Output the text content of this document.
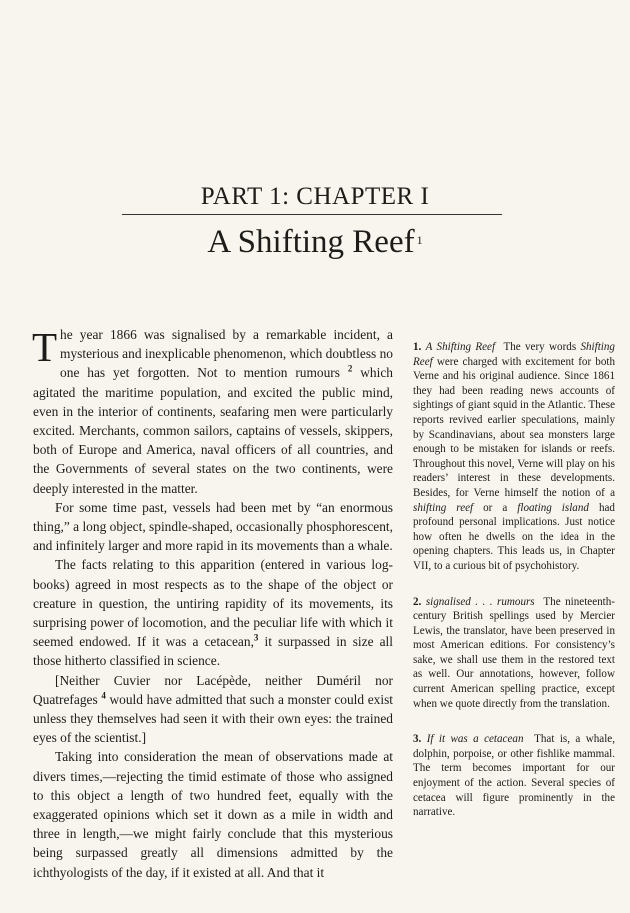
PART 1: CHAPTER I
A Shifting Reef $^1$

The year 1866 was signalised by a remarkable incident, a mysterious and inexplicable phenomenon, which doubtless no one has yet forgotten. Not to mention rumours $^2$ which agitated the maritime population, and excited the public mind, even in the interior of continents, seafaring men were particularly excited. Merchants, common sailors, captains of vessels, skippers, both of Europe and America, naval officers of all countries, and the Governments of several states on the two continents, were deeply interested in the matter.

For some time past, vessels had been met by “an enormous thing,” a long object, spindle-shaped, occasionally phosphorescent, and infinitely larger and more rapid in its movements than a whale.

The facts relating to this apparition (entered in various log-books) agreed in most respects as to the shape of the object or creature in question, the untiring rapidity of its movements, its surprising power of locomotion, and the peculiar life with which it seemed endowed. If it was a cetacean,$^3$ it surpassed in size all those hitherto classified in science.

[Neither Cuvier nor Lacépède, neither Duméril nor Quatrefages $^4$ would have admitted that such a monster could exist unless they themselves had seen it with their own eyes: the trained eyes of the scientist.]

Taking into consideration the mean of observations made at divers times,—rejecting the timid estimate of those who assigned to this object a length of two hundred feet, equally with the exaggerated opinions which set it down as a mile in width and three in length,—we might fairly conclude that this mysterious being surpassed greatly all dimensions admitted by the ichthyologists of the day, if it existed at all. And that it

1. A Shifting Reef The very words Shifting Reef were charged with excitement for both Verne and his original audience. Since 1861 they had been reading news accounts of sightings of giant squid in the Atlantic. These reports revived earlier speculations, mainly by Scandinavians, about sea monsters large enough to be mistaken for islands or reefs. Throughout this novel, Verne will play on his readers’ interest in these developments. Besides, for Verne himself the notion of a shifting reef or a floating island had profound personal implications. Just notice how often he dwells on the idea in the opening chapters. This leads us, in Chapter VII, to a curious bit of psychohistory.
2. signalised . . . rumours The nineteenth-century British spellings used by Mercier Lewis, the translator, have been preserved in most American editions. For consistency’s sake, we shall use them in the restored text as well. Our annotations, however, follow current American spelling practice, except when we quote directly from the translation.
3. If it was a cetacean That is, a whale, dolphin, porpoise, or other fishlike mammal. The term becomes important for our enjoyment of the action. Several species of cetacea will figure prominently in the narrative.
